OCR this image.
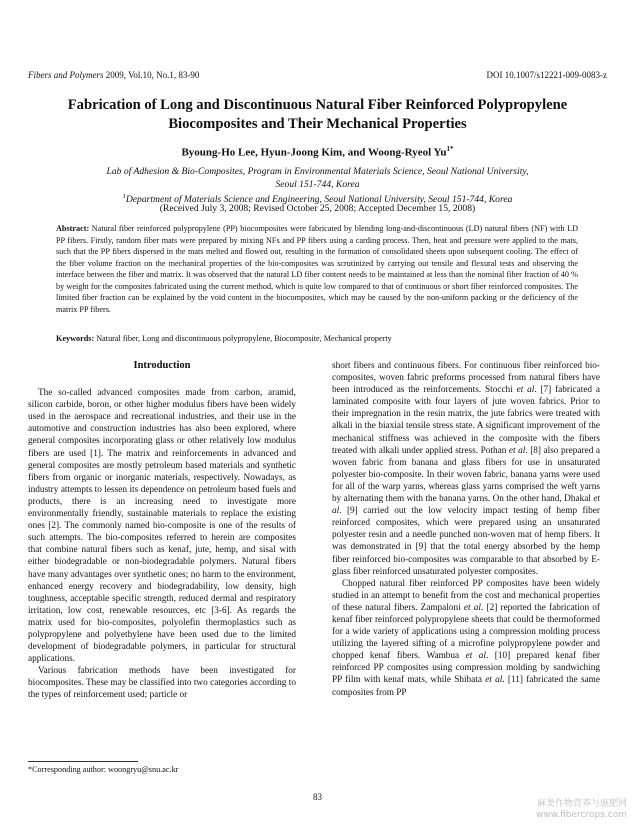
Fibers and Polymers 2009, Vol.10, No.1, 83-90	DOI 10.1007/s12221-009-0083-z
Fabrication of Long and Discontinuous Natural Fiber Reinforced Polypropylene
Biocomposites and Their Mechanical Properties
Byoung-Ho Lee, Hyun-Joong Kim, and Woong-Ryeol $Yu^{1*}$
Lab of Adhesion & Bio-Composites, Program in Environmental Materials Science, Seoul National University,
Seoul 151-744, Korea
$^1$Department of Materials Science and Engineering, Seoul National University, Seoul 151-744, Korea
(Received July 3, 2008; Revised October 25, 2008; Accepted December 15, 2008)
Abstract: Natural fiber reinforced polypropylene (PP) biocomposites were fabricated by blending long-and-discontinuous (LD) natural fibers (NF) with LD PP fibers. Firstly, random fiber mats were prepared by mixing NFs and PP fibers using a carding process. Then, heat and pressure were applied to the mats, such that the PP fibers dispersed in the mats melted and flowed out, resulting in the formation of consolidated sheets upon subsequent cooling. The effect of the fiber volume fraction on the mechanical properties of the bio-composites was scrutinized by carrying out tensile and flexural tests and observing the interface between the fiber and matrix. It was observed that the natural LD fiber content needs to be maintained at less than the nominal fiber fraction of 40 % by weight for the composites fabricated using the current method, which is quite low compared to that of continuous or short fiber reinforced composites. The limited fiber fraction can be explained by the void content in the biocomposites, which may be caused by the non-uniform packing or the deficiency of the matrix PP fibers.
Keywords: Natural fiber, Long and discontinuous polypropylene, Biocomposite, Mechanical property
Introduction

The so-called advanced composites made from carbon, aramid, silicon carbide, boron, or other higher modulus fibers have been widely used in the aerospace and recreational industries, and their use in the automotive and construction industries has also been explored, where general composites incorporating glass or other relatively low modulus fibers are used [1]. The matrix and reinforcements in advanced and general composites are mostly petroleum based materials and synthetic fibers from organic or inorganic materials, respectively. Nowadays, as industry attempts to lessen its dependence on petroleum based fuels and products, there is an increasing need to investigate more environmentally friendly, sustainable materials to replace the existing ones [2]. The commonly named bio-composite is one of the results of such attempts. The bio-composites referred to herein are composites that combine natural fibers such as kenaf, jute, hemp, and sisal with either biodegradable or non-biodegradable polymers. Natural fibers have many advantages over synthetic ones; no harm to the environment, enhanced energy recovery and biodegradability, low density, high toughness, acceptable specific strength, reduced dermal and respiratory irritation, low cost, renewable resources, etc [3-6]. As regards the matrix used for bio-composites, polyolefin thermoplastics such as polypropylene and polyethylene have been used due to the limited development of biodegradable polymers, in particular for structural applications.

Various fabrication methods have been investigated for biocomposites. These may be classified into two categories according to the types of reinforcement used; particle or

short fibers and continuous fibers. For continuous fiber reinforced bio-composites, woven fabric preforms processed from natural fibers have been introduced as the reinforcements. Stocchi et al. [7] fabricated a laminated composite with four layers of jute woven fabrics. Prior to their impregnation in the resin matrix, the jute fabrics were treated with alkali in the biaxial tensile stress state. A significant improvement of the mechanical stiffness was achieved in the composite with the fibers treated with alkali under applied stress. Pothan et al. [8] also prepared a woven fabric from banana and glass fibers for use in unsaturated polyester bio-composite. In their woven fabric, banana yarns were used for all of the warp yarns, whereas glass yarns comprised the weft yarns by alternating them with the banana yarns. On the other hand, Dhakal et al. [9] carried out the low velocity impact testing of hemp fiber reinforced composites, which were prepared using an unsaturated polyester resin and a needle punched non-woven mat of hemp fibers. It was demonstrated in [9] that the total energy absorbed by the hemp fiber reinforced bio-composites was comparable to that absorbed by E-glass fiber reinforced unsaturated polyester composites.

Chopped natural fiber reinforced PP composites have been widely studied in an attempt to benefit from the cost and mechanical properties of these natural fibers. Zampaloni et al. [2] reported the fabrication of kenaf fiber reinforced polypropylene sheets that could be thermoformed for a wide variety of applications using a compression molding process utilizing the layered sifting of a microfine polypropylene powder and chopped kenaf fibers. Wambua et al. [10] prepared kenaf fiber reinforced PP composites using compression molding by sandwiching PP film with kenaf mats, while Shibata et al. [11] fabricated the same composites from PP

*Corresponding author: woongryu@snu.ac.kr
83
麻类作物营养与施肥网
www.fibercrops.com
